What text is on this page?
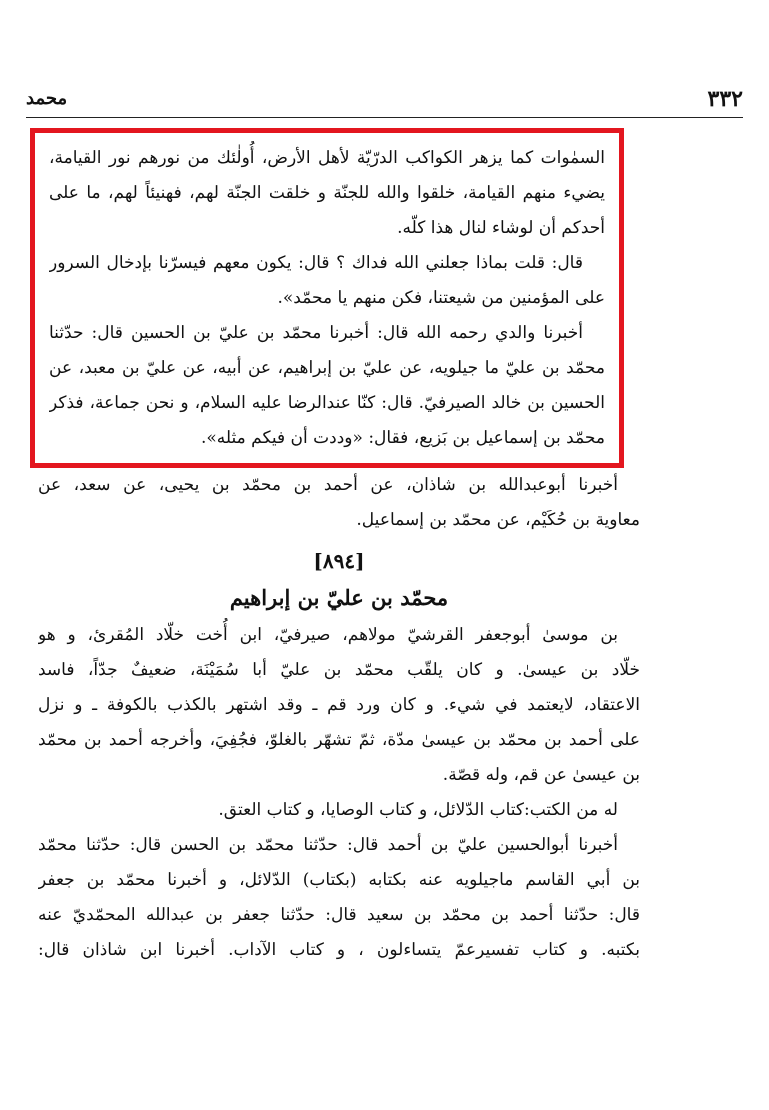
٣٣٢
محمد

السمٰوات كما يزهر الكواكب الدرّيّة لأهل الأرض، أُولٰئك من نورهم نور القيامة،

يضيء منهم القيامة، خلقوا والله للجنّة و خلقت الجنّة لهم، فهنيئاً لهم، ما على

أحدكم أن لوشاء لنال هذا كلّه.

قال: قلت بماذا جعلني الله فداك ؟ قال: يكون معهم فيسرّنا بإدخال السرور

على المؤمنين من شيعتنا، فكن منهم يا محمّد».

أخبرنا والدي رحمه الله قال: أخبرنا محمّد بن عليّ بن الحسين قال: حدّثنا

محمّد بن عليّ ما جيلويه، عن عليّ بن إبراهيم، عن أبيه، عن عليّ بن معبد، عن

الحسين بن خالد الصيرفيّ. قال: كنّا عندالرضا عليه السلام، و نحن جماعة، فذكر

محمّد بن إسماعيل بن بَزيع، فقال: «وددت أن فيكم مثله».

أخبرنا أبوعبدالله بن شاذان، عن أحمد بن محمّد بن يحيى، عن سعد، عن

معاوية بن حُكَيْم، عن محمّد بن إسماعيل.

[٨٩٤]
محمّد بن عليّ بن إبراهيم

بن موسىٰ أبوجعفر القرشيّ مولاهم، صيرفيّ، ابن أُخت خلّاد المُقرئ، و هو

خلّاد بن عيسىٰ. و كان يلقّب محمّد بن عليّ أبا سُمَيْنَة، ضعيفٌ جدّاً، فاسد

الاعتقاد، لايعتمد في شيء. و كان ورد قم ـ وقد اشتهر بالكذب بالكوفة ـ و نزل

على أحمد بن محمّد بن عيسىٰ مدّة، ثمّ تشهّر بالغلوّ، فجُفِيَ، وأخرجه أحمد بن محمّد

بن عيسىٰ عن قم، وله قصّة.

له من الكتب:كتاب الدّلائل، و كتاب الوصايا، و كتاب العتق.

أخبرنا أبوالحسين عليّ بن أحمد قال: حدّثنا محمّد بن الحسن قال: حدّثنا محمّد

بن أبي القاسم ماجيلويه عنه بكتابه (بكتاب) الدّلائل، و أخبرنا محمّد بن جعفر

قال: حدّثنا أحمد بن محمّد بن سعيد قال: حدّثنا جعفر بن عبدالله المحمّديّ عنه

بكتبه. و كتاب تفسيرعمّ يتساءلون ، و كتاب الآداب. أخبرنا ابن شاذان قال:
